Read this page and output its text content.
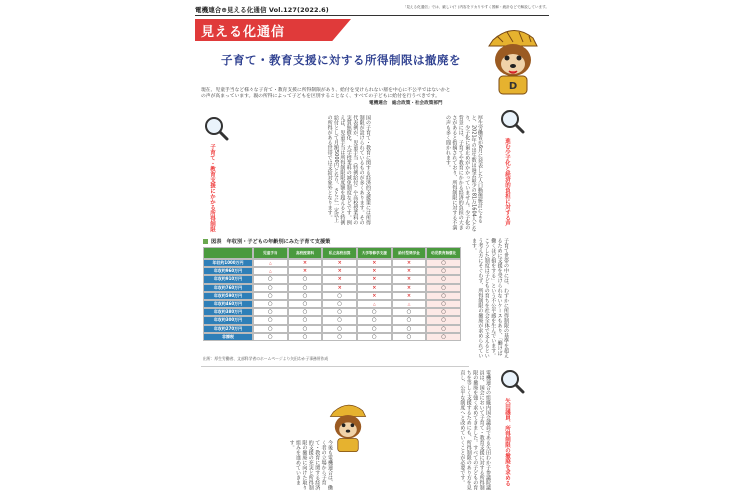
電機連合⊕見える化通信 Vol.127(2022.6)	「見える化通信」では、厳しい(？)内容をワカりやすく図解・統計などで解説しています。
見える化通信
子育て・教育支援に対する所得制限は撤廃を
D
現在、児童手当など様々な子育て・教育支援に所得制限があり、給付を受けられない層を中心に不公平ではないかとの声が高まっています。親の所得によって子どもを区別することなく、すべての子どもに給付を行うべきです。
電機連合　総合政策・社会政策部門
国の子育て・教育に関する経済的支援策には所得制限が設けられているものが多くあります。その代表例が、児童手当（特例給付）や高校授業料の実質無償化、大学授業料の減免制度などです。例えば、児童手当は所得制限限度額を超えると特例給付として月額5000円となり、さらに一定以上の所得がある世帯では支給対象外となります。
子育て・教育支援にかかる所得制限	厚生労働省が6月に発表した人口動態統計によると、2021年の出生数は過去最少の81万1604人となり、少子化に歯止めがかかっていません。少子化の背景には、子育てや教育にかかる経済的負担の大きさがあると指摘されており、所得制限に対する不満の声も多く聞かれます。	進む少子化と経済的負担に対する声
子育て世帯の中には、わずかに所得制限の基準を超えるために支援を受けられないケースもあり、「働けば働くほど損をする」という不公平感を生んでいます。こうした制度は子どもの育ちを社会全体で支えるという考え方にそぐわず、所得制限の撤廃が求められています。
図表　年収別・子どもの年齢別にみた子育て支援策
児童手当	高校授業料	私立高校加算	大学等修学支援	給付型奨学金	幼児教育無償化
年収約1000万円	△	×	×	×	×	○
年収約960万円	△	×	×	×	×	○
年収約910万円	○	○	×	×	×	○
年収約760万円	○	○	×	×	×	○
年収約590万円	○	○	○	×	×	○
年収約460万円	○	○	○	△	△	○
年収約380万円	○	○	○	○	○	○
年収約300万円	○	○	○	○	○	○
年収約270万円	○	○	○	○	○	○
非課税	○	○	○	○	○	○
出所：厚生労働省、文部科学省のホームページより矢田わか子事務所作成
電機連合の組織内国会議員である矢田わか子参議院議員は、国会において子育て・教育支援に対する所得制限の撤廃を強く求めてきました。すべての子どもの育ちを等しく支援するためにも、所得制限のあり方を見直し、公平な制度へと改めていくことが必要です。	矢田議員、所得制限の撤廃を求める
今後も電機連合は、働く者の立場から子育て・教育に関する経済的支援の充実と所得制限の撤廃に向けた取り組みを進めていきます。
